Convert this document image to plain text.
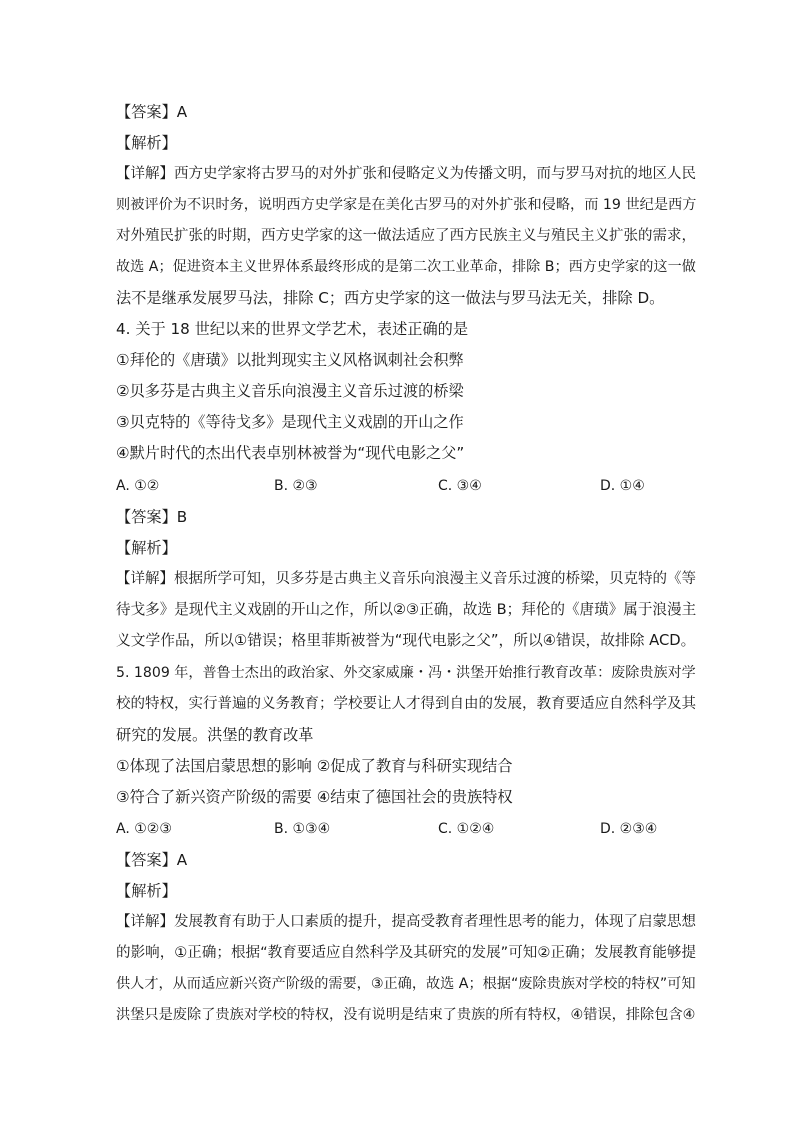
【答案】A
【解析】
【详解】西方史学家将古罗马的对外扩张和侵略定义为传播文明，而与罗马对抗的地区人民
则被评价为不识时务，说明西方史学家是在美化古罗马的对外扩张和侵略，而 19 世纪是西方
对外殖民扩张的时期，西方史学家的这一做法适应了西方民族主义与殖民主义扩张的需求，
故选 A；促进资本主义世界体系最终形成的是第二次工业革命，排除 B；西方史学家的这一做
法不是继承发展罗马法，排除 C；西方史学家的这一做法与罗马法无关，排除 D。
4. 关于 18 世纪以来的世界文学艺术，表述正确的是
①拜伦的《唐璜》以批判现实主义风格讽刺社会积弊
②贝多芬是古典主义音乐向浪漫主义音乐过渡的桥梁
③贝克特的《等待戈多》是现代主义戏剧的开山之作
④默片时代的杰出代表卓别林被誉为“现代电影之父”
A. ①②	B. ②③	C. ③④	D. ①④
【答案】B
【解析】
【详解】根据所学可知，贝多芬是古典主义音乐向浪漫主义音乐过渡的桥梁，贝克特的《等
待戈多》是现代主义戏剧的开山之作，所以②③正确，故选 B；拜伦的《唐璜》属于浪漫主
义文学作品，所以①错误；格里菲斯被誉为“现代电影之父”，所以④错误，故排除 ACD。
5. 1809 年，普鲁士杰出的政治家、外交家威廉・冯・洪堡开始推行教育改革：废除贵族对学
校的特权，实行普遍的义务教育；学校要让人才得到自由的发展，教育要适应自然科学及其
研究的发展。洪堡的教育改革
①体现了法国启蒙思想的影响 ②促成了教育与科研实现结合
③符合了新兴资产阶级的需要 ④结束了德国社会的贵族特权
A. ①②③	B. ①③④	C. ①②④	D. ②③④
【答案】A
【解析】
【详解】发展教育有助于人口素质的提升，提高受教育者理性思考的能力，体现了启蒙思想
的影响，①正确；根据“教育要适应自然科学及其研究的发展”可知②正确；发展教育能够提
供人才，从而适应新兴资产阶级的需要，③正确，故选 A；根据“废除贵族对学校的特权”可知
洪堡只是废除了贵族对学校的特权，没有说明是结束了贵族的所有特权，④错误，排除包含④
